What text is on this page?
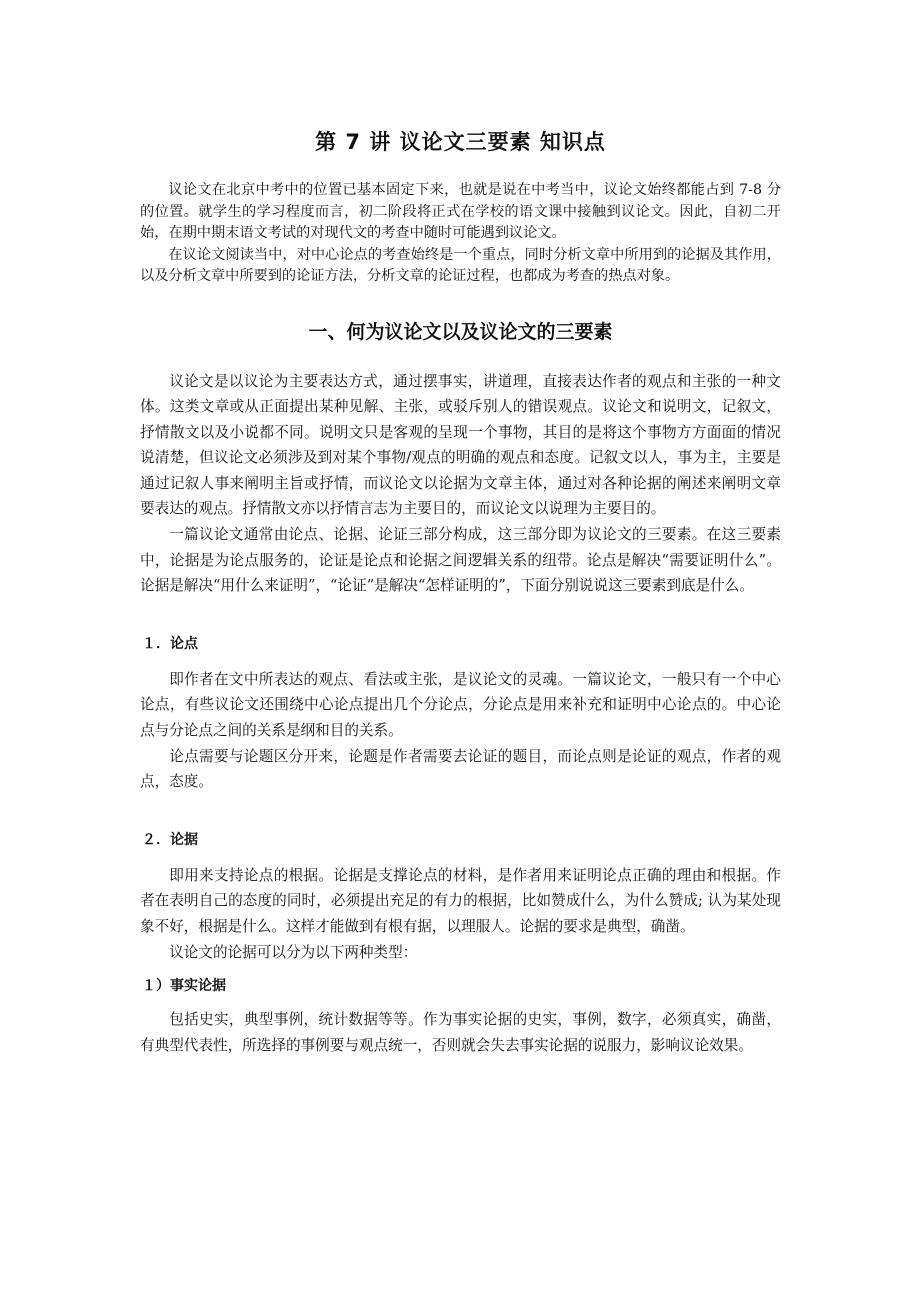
第 7 讲 议论文三要素 知识点

议论文在北京中考中的位置已基本固定下来，也就是说在中考当中，议论文始终都能占到 7-8 分的位置。就学生的学习程度而言，初二阶段将正式在学校的语文课中接触到议论文。因此，自初二开始，在期中期末语文考试的对现代文的考查中随时可能遇到议论文。

在议论文阅读当中，对中心论点的考查始终是一个重点，同时分析文章中所用到的论据及其作用，以及分析文章中所要到的论证方法，分析文章的论证过程，也都成为考查的热点对象。

一、何为议论文以及议论文的三要素

议论文是以议论为主要表达方式，通过摆事实，讲道理，直接表达作者的观点和主张的一种文体。这类文章或从正面提出某种见解、主张，或驳斥别人的错误观点。议论文和说明文，记叙文，抒情散文以及小说都不同。说明文只是客观的呈现一个事物，其目的是将这个事物方方面面的情况说清楚，但议论文必须涉及到对某个事物/观点的明确的观点和态度。记叙文以人，事为主，主要是通过记叙人事来阐明主旨或抒情，而议论文以论据为文章主体，通过对各种论据的阐述来阐明文章要表达的观点。抒情散文亦以抒情言志为主要目的，而议论文以说理为主要目的。

一篇议论文通常由论点、论据、论证三部分构成，这三部分即为议论文的三要素。在这三要素中，论据是为论点服务的，论证是论点和论据之间逻辑关系的纽带。论点是解决“需要证明什么”。论据是解决“用什么来证明”，“论证”是解决“怎样证明的”，下面分别说说这三要素到底是什么。

１．论点

即作者在文中所表达的观点、看法或主张，是议论文的灵魂。一篇议论文，一般只有一个中心论点，有些议论文还围绕中心论点提出几个分论点，分论点是用来补充和证明中心论点的。中心论点与分论点之间的关系是纲和目的关系。

论点需要与论题区分开来，论题是作者需要去论证的题目，而论点则是论证的观点，作者的观点，态度。

２．论据

即用来支持论点的根据。论据是支撑论点的材料，是作者用来证明论点正确的理由和根据。作者在表明自己的态度的同时，必须提出充足的有力的根据，比如赞成什么，为什么赞成; 认为某处现象不好，根据是什么。这样才能做到有根有据，以理服人。论据的要求是典型，确凿。

议论文的论据可以分为以下两种类型：

１）事实论据

包括史实，典型事例，统计数据等等。作为事实论据的史实，事例，数字，必须真实，确凿，有典型代表性，所选择的事例要与观点统一，否则就会失去事实论据的说服力，影响议论效果。
